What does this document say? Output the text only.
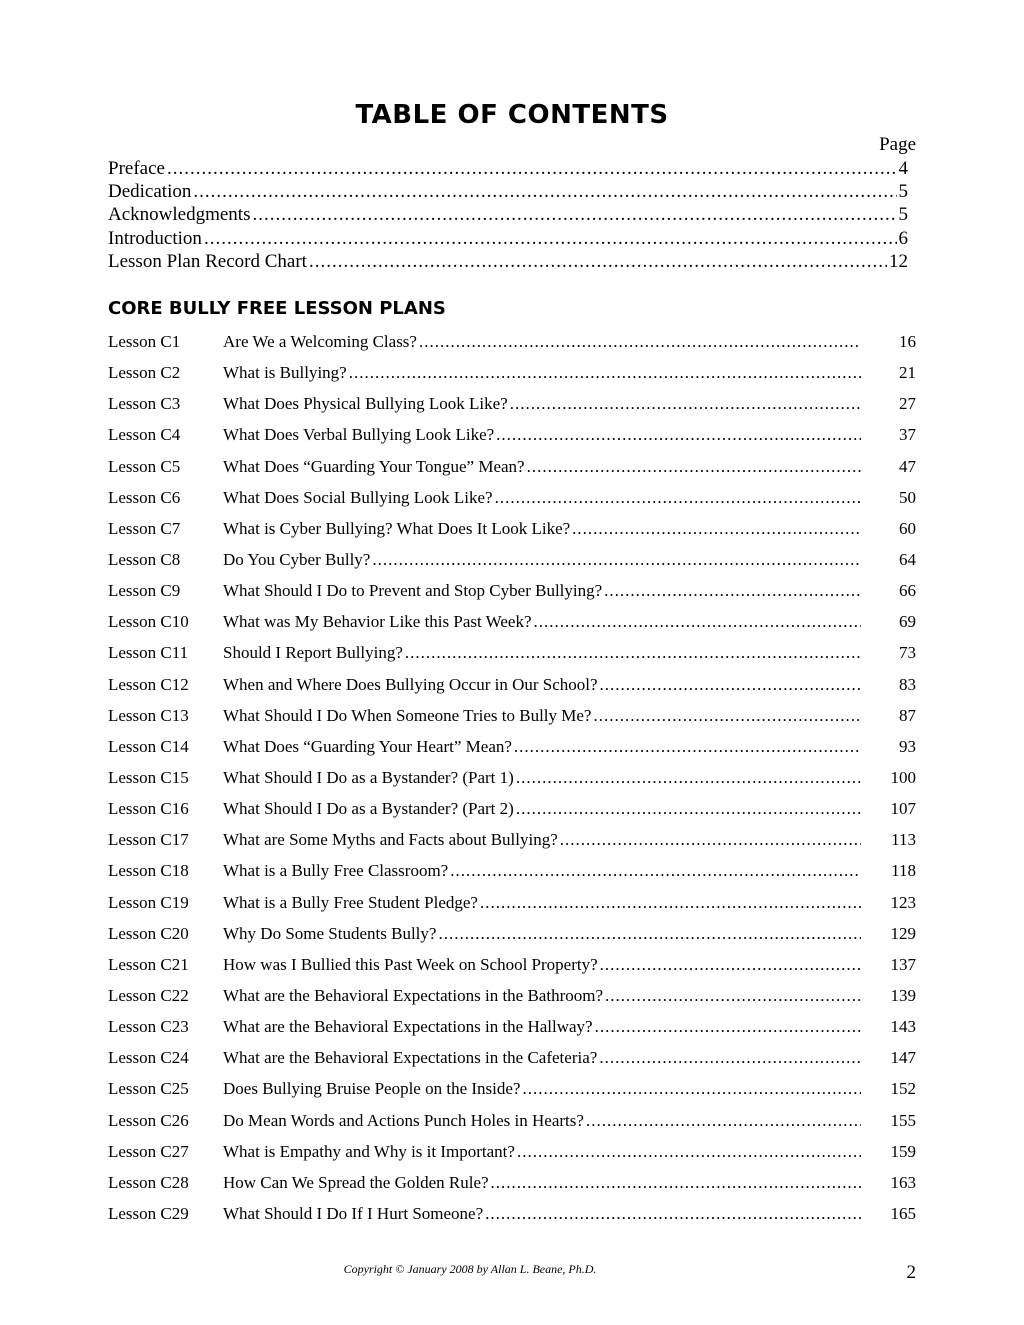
TABLE OF CONTENTS
Page
Preface .....	4
Dedication .....	5
Acknowledgments .....	5
Introduction .....	6
Lesson Plan Record Chart .....	12
CORE BULLY FREE LESSON PLANS
Lesson C1	Are We a Welcoming Class? .....	16
Lesson C2	What is Bullying? .....	21
Lesson C3	What Does Physical Bullying Look Like? .....	27
Lesson C4	What Does Verbal Bullying Look Like? .....	37
Lesson C5	What Does “Guarding Your Tongue” Mean? .....	47
Lesson C6	What Does Social Bullying Look Like? .....	50
Lesson C7	What is Cyber Bullying? What Does It Look Like? .....	60
Lesson C8	Do You Cyber Bully? .....	64
Lesson C9	What Should I Do to Prevent and Stop Cyber Bullying? .....	66
Lesson C10	What was My Behavior Like this Past Week? .....	69
Lesson C11	Should I Report Bullying? .....	73
Lesson C12	When and Where Does Bullying Occur in Our School? .....	83
Lesson C13	What Should I Do When Someone Tries to Bully Me? .....	87
Lesson C14	What Does “Guarding Your Heart” Mean? .....	93
Lesson C15	What Should I Do as a Bystander? (Part 1) .....	100
Lesson C16	What Should I Do as a Bystander? (Part 2) .....	107
Lesson C17	What are Some Myths and Facts about Bullying? .....	113
Lesson C18	What is a Bully Free Classroom? .....	118
Lesson C19	What is a Bully Free Student Pledge? .....	123
Lesson C20	Why Do Some Students Bully? .....	129
Lesson C21	How was I Bullied this Past Week on School Property? .....	137
Lesson C22	What are the Behavioral Expectations in the Bathroom? .....	139
Lesson C23	What are the Behavioral Expectations in the Hallway? .....	143
Lesson C24	What are the Behavioral Expectations in the Cafeteria? .....	147
Lesson C25	Does Bullying Bruise People on the Inside? .....	152
Lesson C26	Do Mean Words and Actions Punch Holes in Hearts? .....	155
Lesson C27	What is Empathy and Why is it Important? .....	159
Lesson C28	How Can We Spread the Golden Rule? .....	163
Lesson C29	What Should I Do If I Hurt Someone? .....	165
Copyright © January 2008 by Allan L. Beane, Ph.D.	2
